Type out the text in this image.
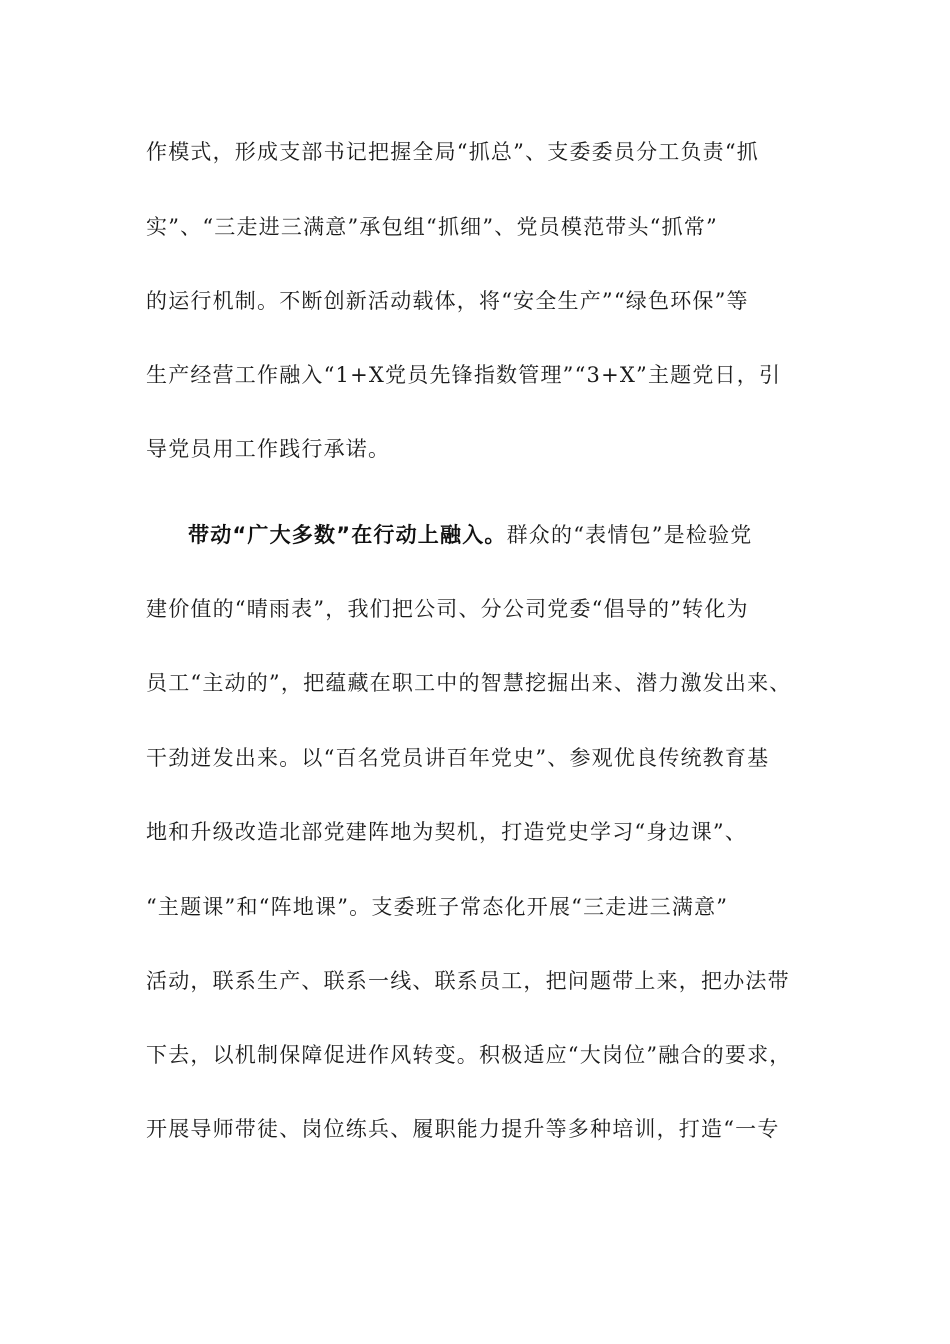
作模式，形成支部书记把握全局“抓总”、支委委员分工负责“抓
实”、“三走进三满意”承包组“抓细”、党员模范带头“抓常”
的运行机制。不断创新活动载体，将“安全生产”“绿色环保”等
生产经营工作融入“1+X党员先锋指数管理”“3+X”主题党日，引
导党员用工作践行承诺。
带动“广大多数”在行动上融入。群众的“表情包”是检验党
建价值的“晴雨表”，我们把公司、分公司党委“倡导的”转化为
员工“主动的”，把蕴藏在职工中的智慧挖掘出来、潜力激发出来、
干劲迸发出来。以“百名党员讲百年党史”、参观优良传统教育基
地和升级改造北部党建阵地为契机，打造党史学习“身边课”、
“主题课”和“阵地课”。支委班子常态化开展“三走进三满意”
活动，联系生产、联系一线、联系员工，把问题带上来，把办法带
下去，以机制保障促进作风转变。积极适应“大岗位”融合的要求，
开展导师带徒、岗位练兵、履职能力提升等多种培训，打造“一专
